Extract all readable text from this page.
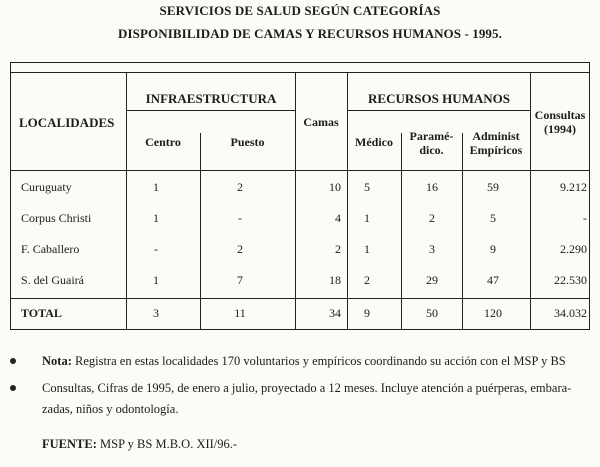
SERVICIOS DE SALUD SEGÚN CATEGORÍAS
DISPONIBILIDAD DE CAMAS Y RECURSOS HUMANOS - 1995.
LOCALIDADES
INFRAESTRUCTURA	RECURSOS HUMANOS
Centro	Puesto
Camas
Médico	Paramé-
dico.
Administ
Empíricos
Consultas
(1994)
Curuguaty	1	2	10	5	16	59	9.212
Corpus Christi	1	-	4	1	2	5	-
F. Caballero	-	2	2	1	3	9	2.290
S. del Guairá	1	7	18	2	29	47	22.530
TOTAL	3	11	34	9	50	120	34.032
Nota: Registra en estas localidades 170 voluntarios y empíricos coordinando su acción con el MSP y BS
Consultas, Cifras de 1995, de enero a julio, proyectado a 12 meses. Incluye atención a puérperas, embara-
zadas, niños y odontología.
FUENTE: MSP y BS M.B.O. XII/96.-
